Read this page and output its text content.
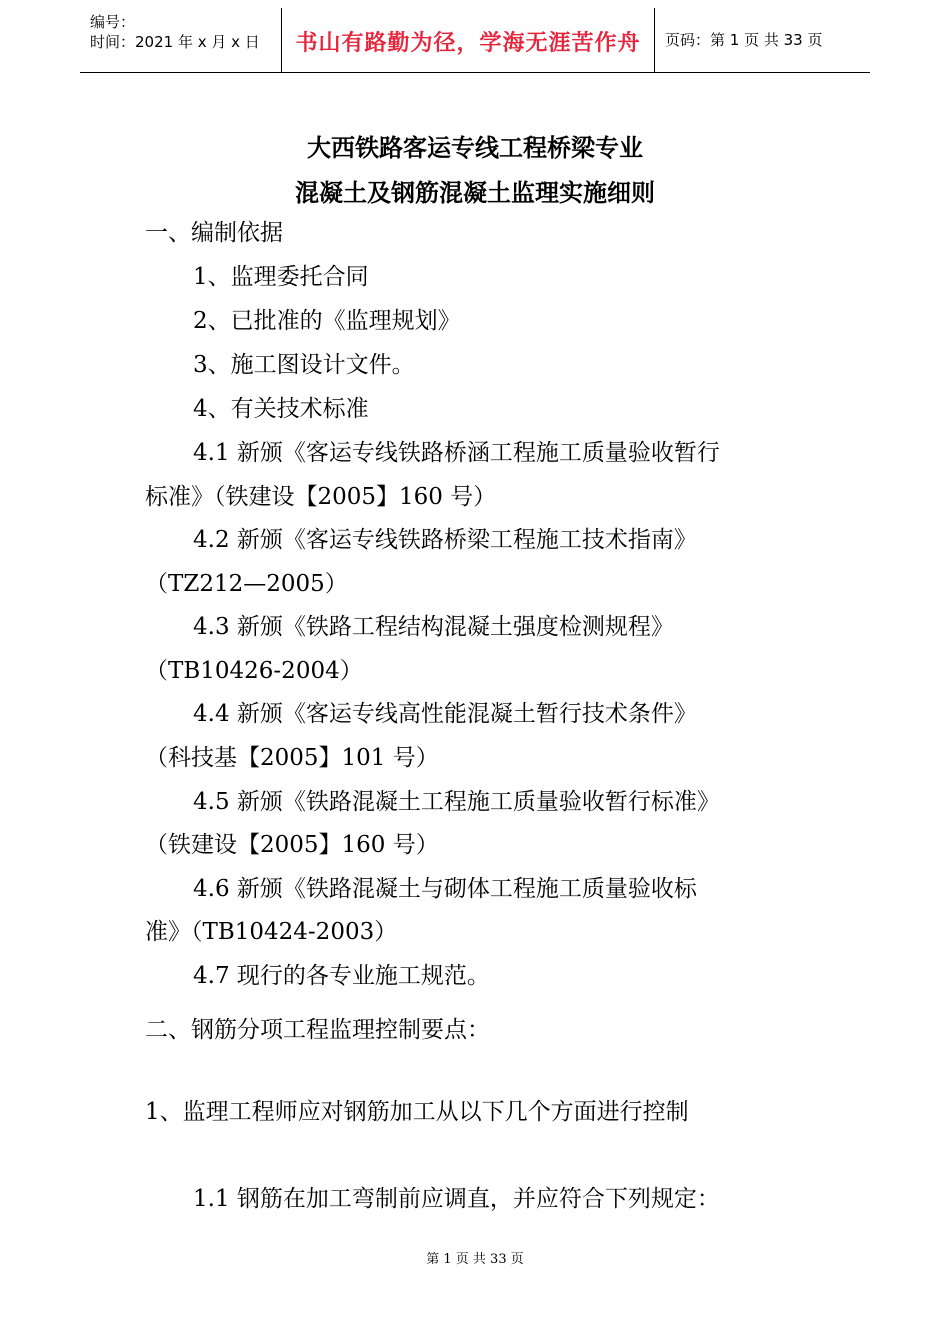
编号：
时间：2021 年 x 月 x 日	书山有路勤为径，学海无涯苦作舟	页码：第 1 页 共 33 页
大西铁路客运专线工程桥梁专业
混凝土及钢筋混凝土监理实施细则
一、编制依据
1、监理委托合同
2、已批准的《监理规划》
3、施工图设计文件。
4、有关技术标准
4.1 新颁《客运专线铁路桥涵工程施工质量验收暂行
标准》（铁建设【2005】160 号）
4.2 新颁《客运专线铁路桥梁工程施工技术指南》
（TZ212—2005）
4.3 新颁《铁路工程结构混凝土强度检测规程》
（TB10426-2004）
4.4 新颁《客运专线高性能混凝土暂行技术条件》
（科技基【2005】101 号）
4.5 新颁《铁路混凝土工程施工质量验收暂行标准》
（铁建设【2005】160 号）
4.6 新颁《铁路混凝土与砌体工程施工质量验收标
准》（TB10424-2003）
4.7 现行的各专业施工规范。
二、钢筋分项工程监理控制要点：
1、监理工程师应对钢筋加工从以下几个方面进行控制
1.1 钢筋在加工弯制前应调直，并应符合下列规定：
第 1 页 共 33 页
